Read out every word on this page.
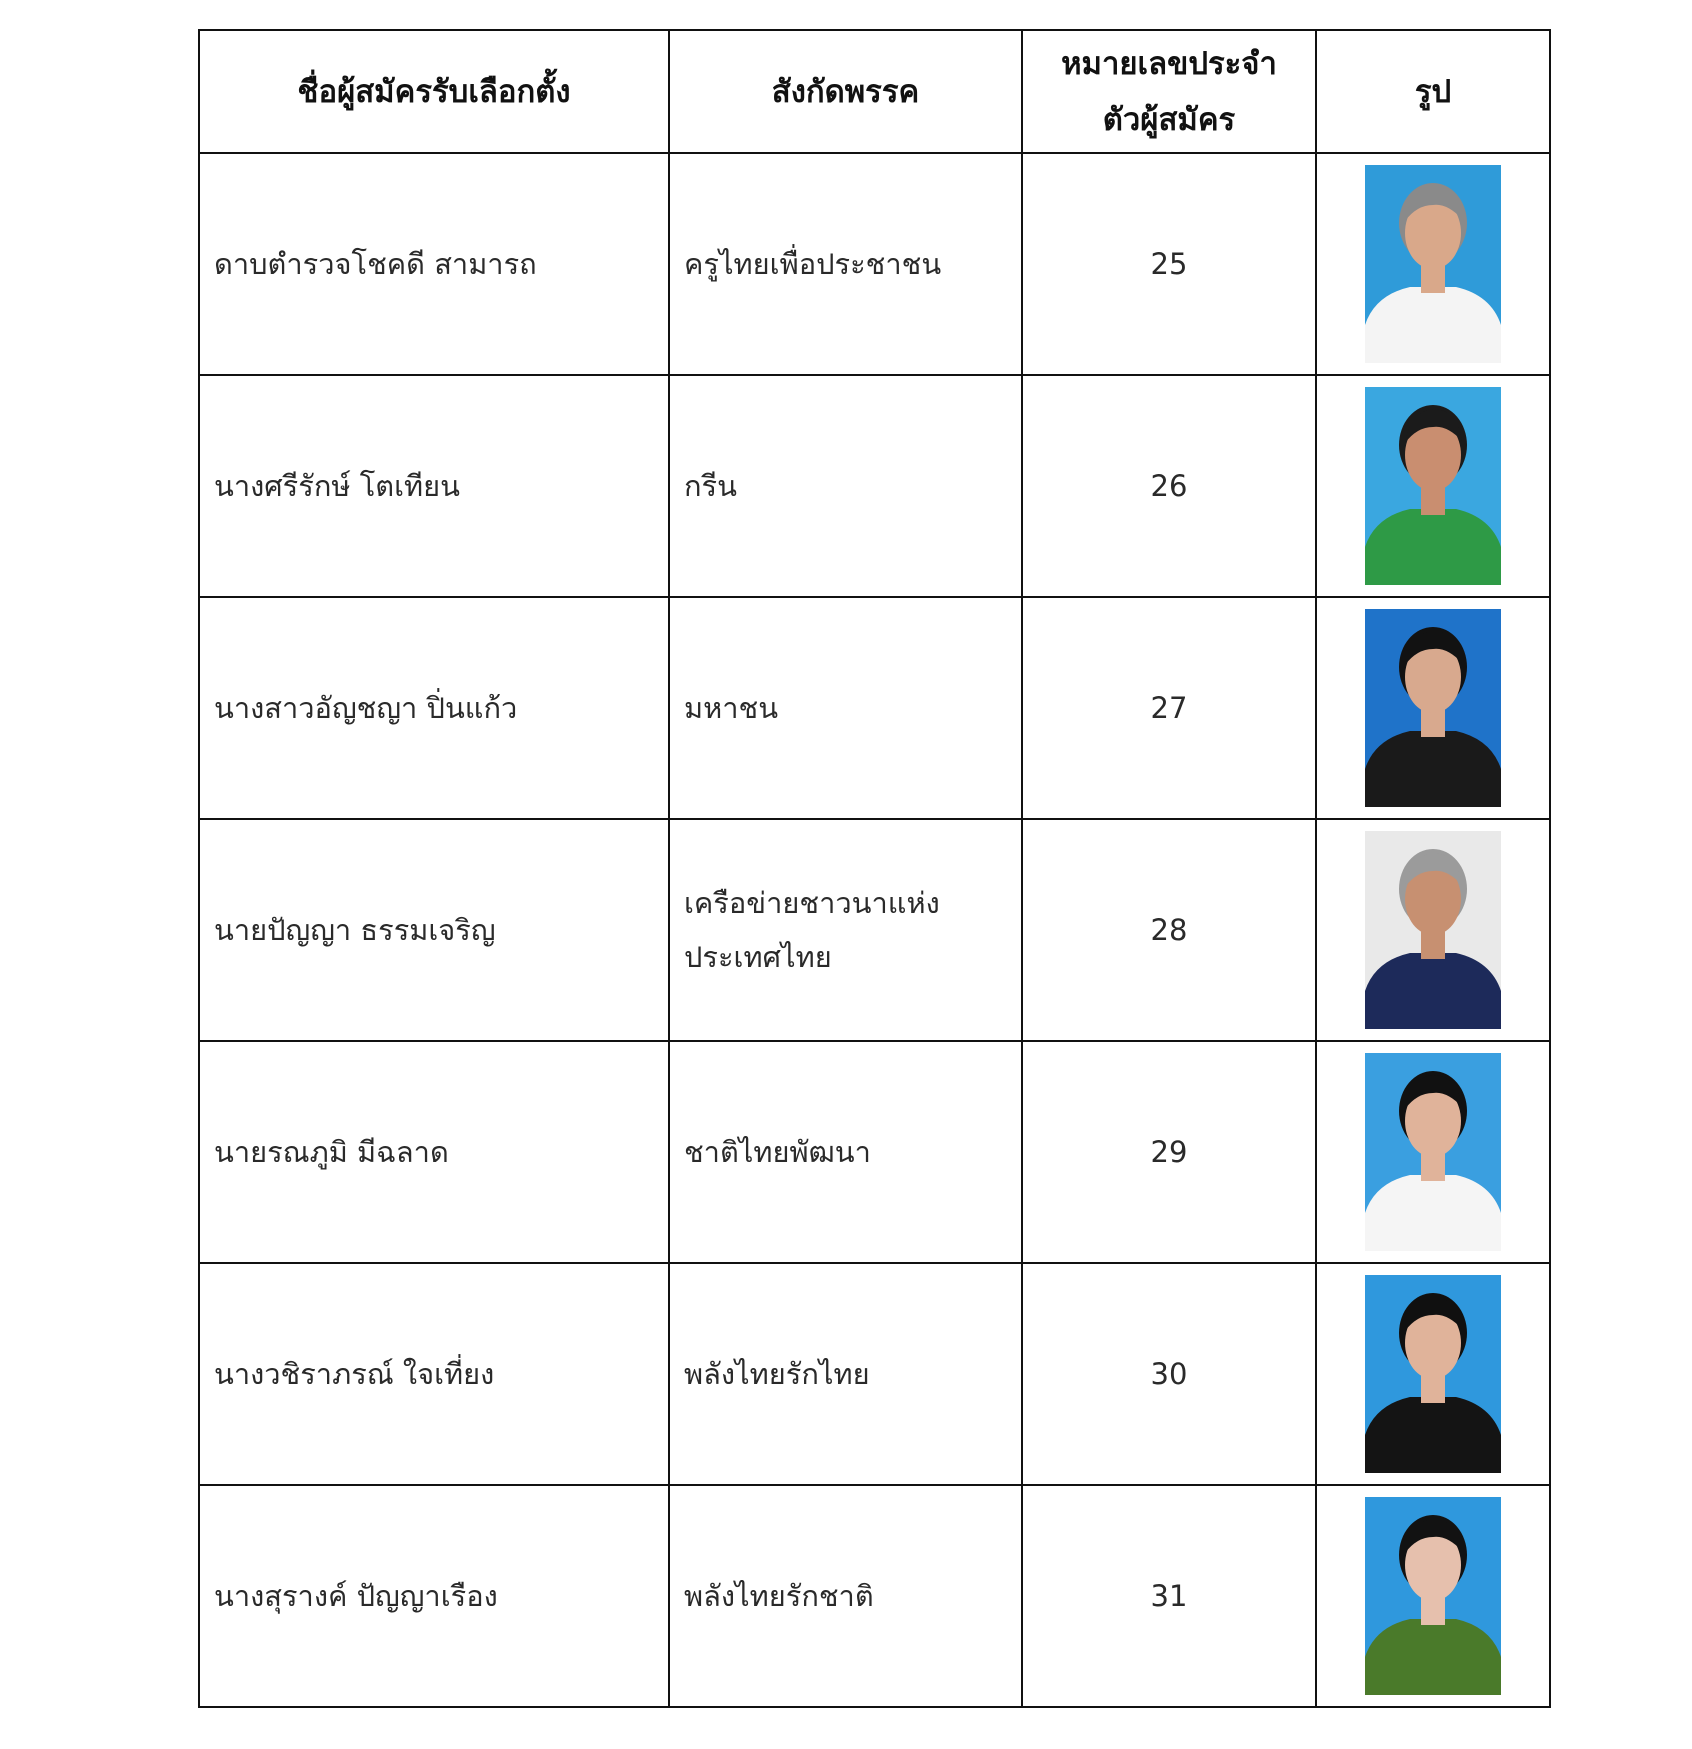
ชื่อผู้สมัครรับเลือกตั้ง	สังกัดพรรค	หมายเลขประจำตัวผู้สมัคร	รูป
ดาบตำรวจโชคดี สามารถ	ครูไทยเพื่อประชาชน	25	

นางศรีรักษ์ โตเทียน	กรีน	26	

นางสาวอัญชญา ปิ่นแก้ว	มหาชน	27	

นายปัญญา ธรรมเจริญ	เครือข่ายชาวนาแห่งประเทศไทย	28	

นายรณภูมิ มีฉลาด	ชาติไทยพัฒนา	29	

นางวชิราภรณ์ ใจเที่ยง	พลังไทยรักไทย	30	

นางสุรางค์ ปัญญาเรือง	พลังไทยรักชาติ	31	
